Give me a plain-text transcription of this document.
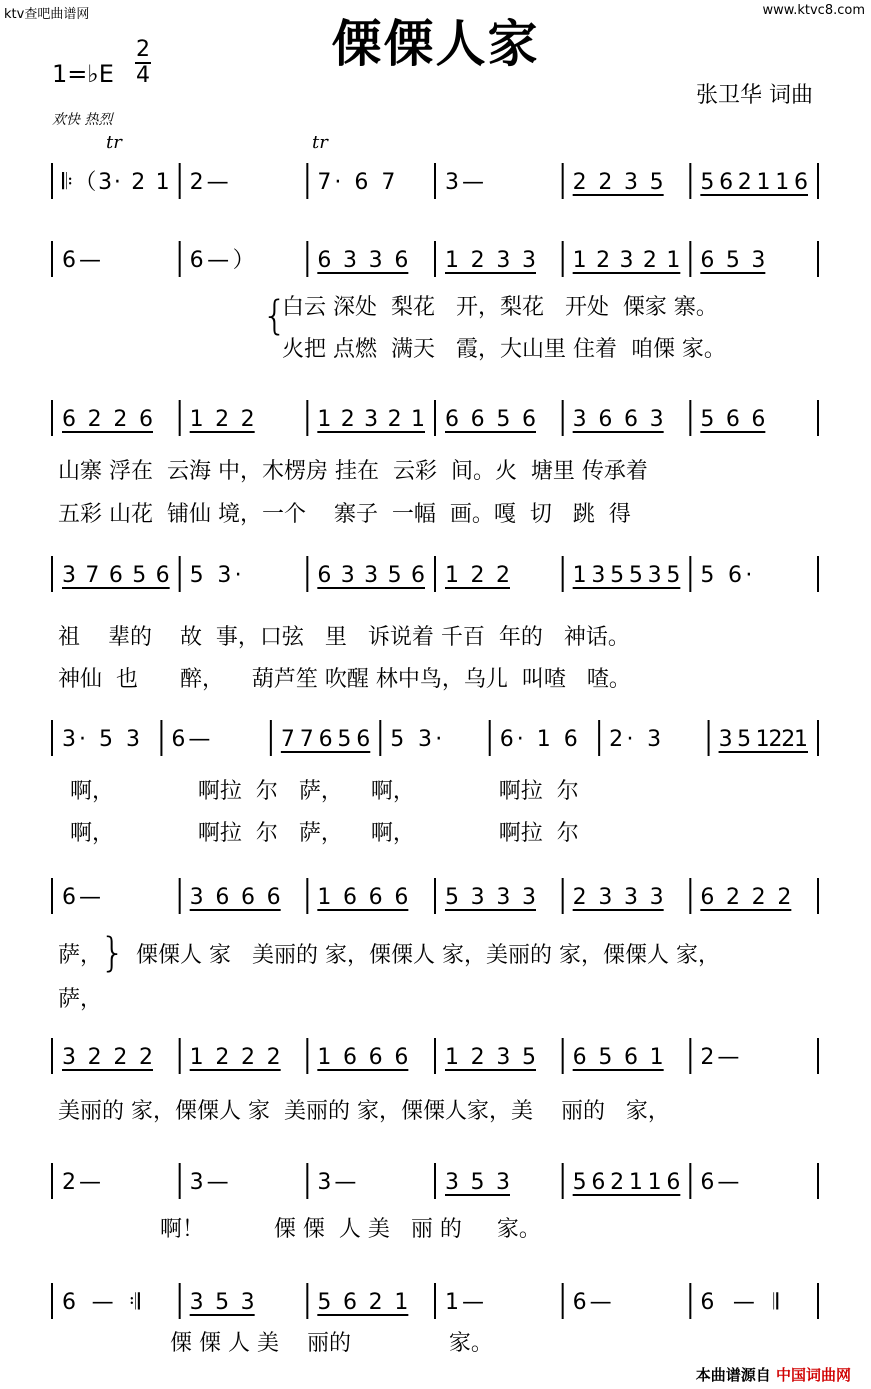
ktv查吧曲谱网	www.ktvc8.com
傈傈人家
1=♭E
2
4
欢快 热烈
张卫华 词曲
tr	tr
𝄆（3· 2 1 2 —	7· 6 7 3 —	2 2 3 5 5 6 2 1 1 6
6 —	6 — ）	6 3 3 6 1 2 3 3 1 2 3 2 1 6 5 3
6 2 2 6 1 2 2	1 2 3 2 1 6 6 5 6 3 6 6 3 5 6 6
3 7 6 5 6 5 3·	6 3 3 5 6 1 2 2	1 3 5 5 3 5 5 6·
3· 5 3 6 —	7 7 6 5 6 5 3·	6· 1 6 2· 3	3 5 1221
6 —	3 6 6 6 1 6 6 6 5 3 3 3 2 3 3 3 6 2 2 2
3 2 2 2 1 2 2 2 1 6 6 6 1 2 3 5 6 5 6 1 2 —
2 —	3 —	3 —	3 5 3	5 6 2 1 1 6 6 —
6 — 𝄇 3 5 3	5 6 2 1 1 —	6 —	6 — 𝄂
{
白云 深处  梨花   开，梨花   开处  傈家 寨。
火把 点燃  满天   霞，大山里 住着  咱傈 家。
山寨 浮在  云海 中，木楞房 挂在  云彩  间。火  塘里 传承着
五彩 山花  铺仙 境，一个    寨子  一幅  画。嘎  切   跳  得
祖    辈的    故  事，口弦   里   诉说着 千百  年的   神话。
神仙  也      醉，    葫芦笙 吹醒 林中鸟，乌儿  叫喳   喳。
啊，            啊拉  尔   萨，    啊，            啊拉  尔
啊，            啊拉  尔   萨，    啊，            啊拉  尔
萨，
萨，
} 傈傈人 家   美丽的 家，傈傈人 家，美丽的 家，傈傈人 家，
美丽的 家，傈傈人 家  美丽的 家，傈傈人家，美    丽的   家，
啊！          傈 傈  人 美   丽 的     家。
傈 傈 人 美    丽的              家。
本曲谱源自 中国词曲网
